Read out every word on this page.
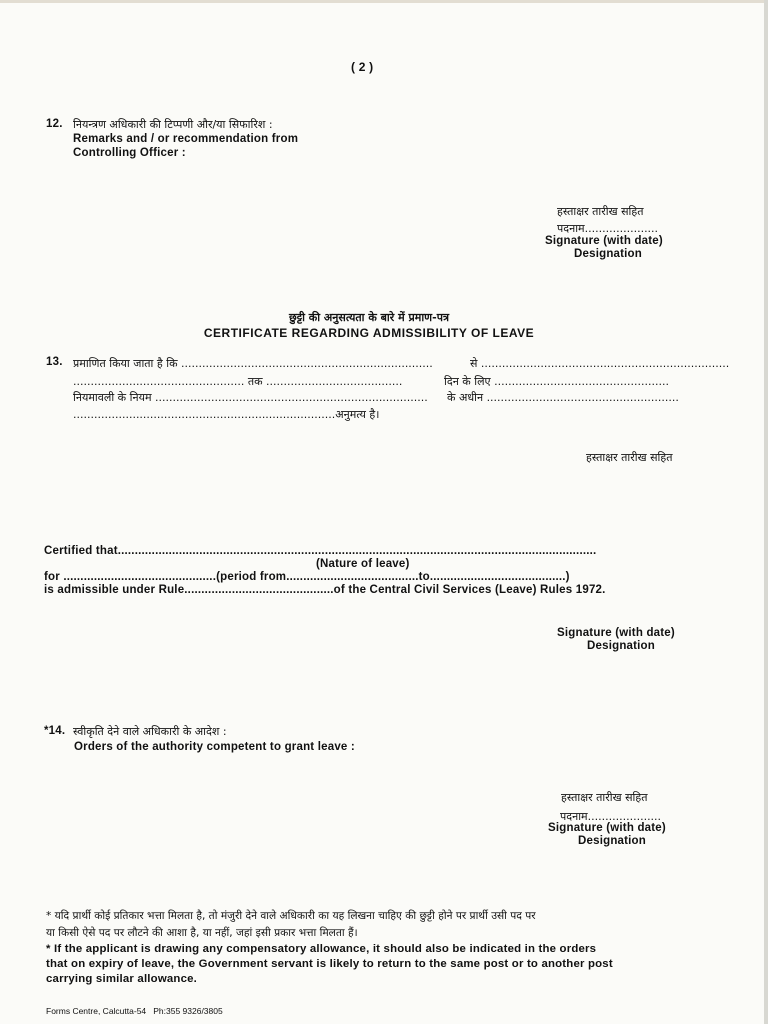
( 2 )
12. नियन्त्रण अधिकारी की टिप्पणी और/या सिफारिश :
Remarks and / or recommendation from
Controlling Officer :
हस्ताक्षर तारीख सहित
पदनाम.....................
Signature (with date)
Designation
छुट्टी की अनुसत्यता के बारे में प्रमाण-पत्र
CERTIFICATE REGARDING ADMISSIBILITY OF LEAVE
13. प्रमाणित किया जाता है कि ........................................................................	से .......................................................................
................................................. तक .......................................	दिन के लिए ..................................................
नियमावली के नियम .............................................................................. के अधीन .......................................................
...........................................................................अनुमत्य है।
हस्ताक्षर तारीख सहित
Certified that.............................................................................................................................................
(Nature of leave)
for .............................................(period from.......................................to........................................)
is admissible under Rule............................................of the Central Civil Services (Leave) Rules 1972.
Signature (with date)
Designation
*14. स्वीकृति देने वाले अधिकारी के आदेश :
Orders of the authority competent to grant leave :
हस्ताक्षर तारीख सहित
पदनाम.....................
Signature (with date)
Designation
* यदि प्रार्थी कोई प्रतिकार भत्ता मिलता है, तो मंजुरी देने वाले अधिकारी का यह लिखना चाहिए की छुट्टी होने पर प्रार्थी उसी पद पर
या किसी ऐसे पद पर लौटने की आशा है, या नहीं, जहां इसी प्रकार भत्ता मिलता हैं।
* If the applicant is drawing any compensatory allowance, it should also be indicated in the orders
that on expiry of leave, the Government servant is likely to return to the same post or to another post
carrying similar allowance.
Forms Centre, Calcutta-54   Ph:355 9326/3805
